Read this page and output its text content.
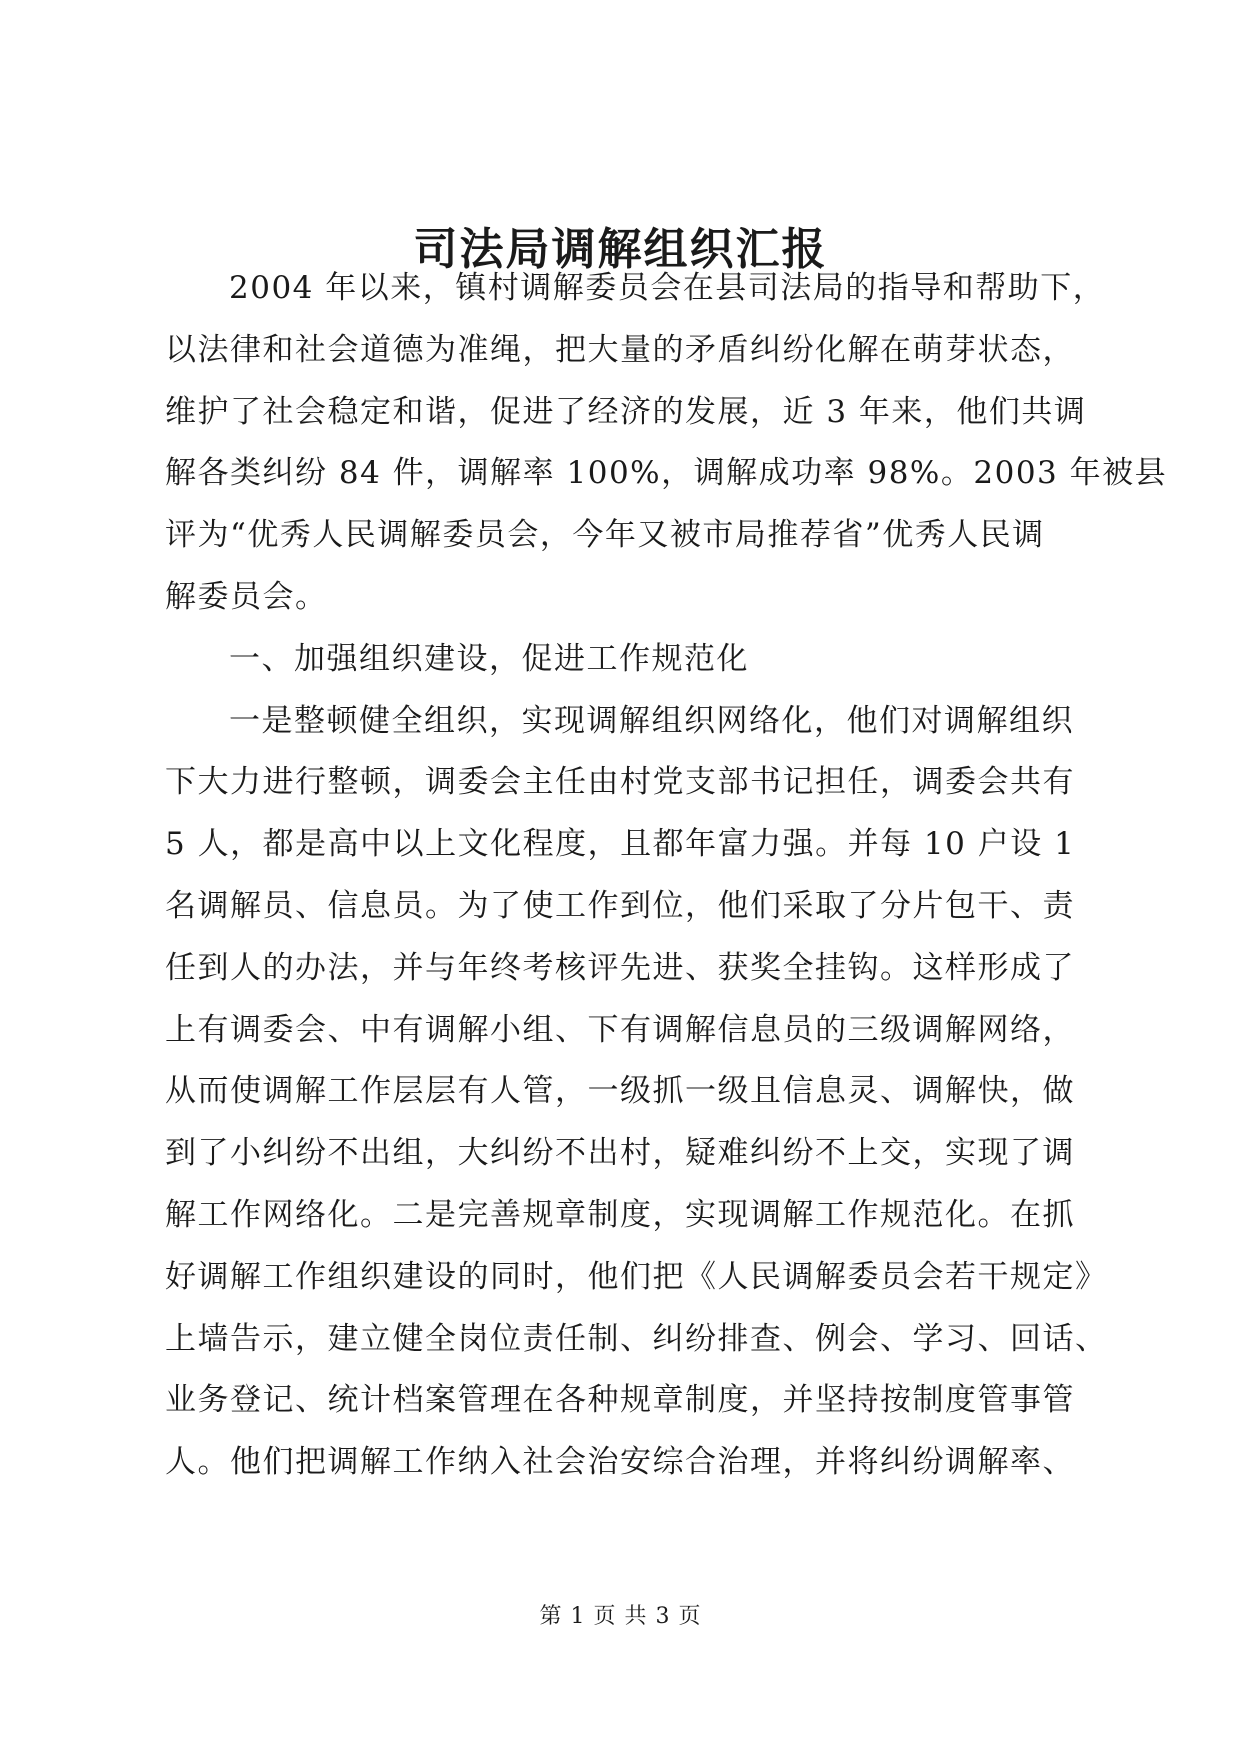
司法局调解组织汇报
2004 年以来，镇村调解委员会在县司法局的指导和帮助下，
以法律和社会道德为准绳，把大量的矛盾纠纷化解在萌芽状态，
维护了社会稳定和谐，促进了经济的发展，近 3 年来，他们共调
解各类纠纷 84 件，调解率 100%，调解成功率 98%。2003 年被县
评为“优秀人民调解委员会，今年又被市局推荐省”优秀人民调
解委员会。
一、加强组织建设，促进工作规范化
一是整顿健全组织，实现调解组织网络化，他们对调解组织
下大力进行整顿，调委会主任由村党支部书记担任，调委会共有
5 人，都是高中以上文化程度，且都年富力强。并每 10 户设 1
名调解员、信息员。为了使工作到位，他们采取了分片包干、责
任到人的办法，并与年终考核评先进、获奖全挂钩。这样形成了
上有调委会、中有调解小组、下有调解信息员的三级调解网络，
从而使调解工作层层有人管，一级抓一级且信息灵、调解快，做
到了小纠纷不出组，大纠纷不出村，疑难纠纷不上交，实现了调
解工作网络化。二是完善规章制度，实现调解工作规范化。在抓
好调解工作组织建设的同时，他们把《人民调解委员会若干规定》
上墙告示，建立健全岗位责任制、纠纷排查、例会、学习、回话、
业务登记、统计档案管理在各种规章制度，并坚持按制度管事管
人。他们把调解工作纳入社会治安综合治理，并将纠纷调解率、
第 1 页 共 3 页
